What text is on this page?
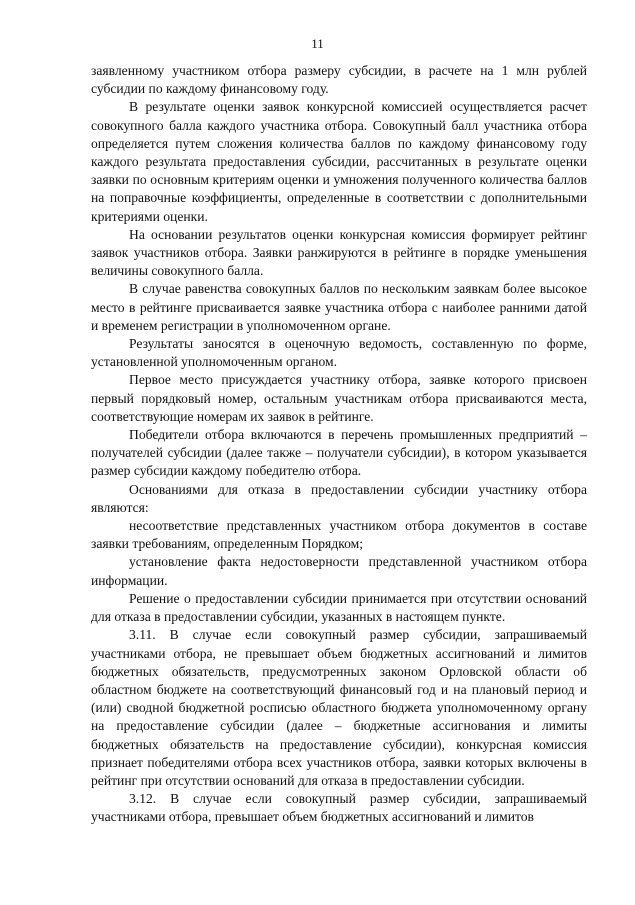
11

заявленному участником отбора размеру субсидии, в расчете на 1 млн рублей субсидии по каждому финансовому году.

В результате оценки заявок конкурсной комиссией осуществляется расчет совокупного балла каждого участника отбора. Совокупный балл участника отбора определяется путем сложения количества баллов по каждому финансовому году каждого результата предоставления субсидии, рассчитанных в результате оценки заявки по основным критериям оценки и умножения полученного количества баллов на поправочные коэффициенты, определенные в соответствии с дополнительными критериями оценки.

На основании результатов оценки конкурсная комиссия формирует рейтинг заявок участников отбора. Заявки ранжируются в рейтинге в порядке уменьшения величины совокупного балла.

В случае равенства совокупных баллов по нескольким заявкам более высокое место в рейтинге присваивается заявке участника отбора с наиболее ранними датой и временем регистрации в уполномоченном органе.

Результаты заносятся в оценочную ведомость, составленную по форме, установленной уполномоченным органом.

Первое место присуждается участнику отбора, заявке которого присвоен первый порядковый номер, остальным участникам отбора присваиваются места, соответствующие номерам их заявок в рейтинге.

Победители отбора включаются в перечень промышленных предприятий – получателей субсидии (далее также – получатели субсидии), в котором указывается размер субсидии каждому победителю отбора.

Основаниями для отказа в предоставлении субсидии участнику отбора являются:

несоответствие представленных участником отбора документов в составе заявки требованиям, определенным Порядком;

установление факта недостоверности представленной участником отбора информации.

Решение о предоставлении субсидии принимается при отсутствии оснований для отказа в предоставлении субсидии, указанных в настоящем пункте.

3.11. В случае если совокупный размер субсидии, запрашиваемый участниками отбора, не превышает объем бюджетных ассигнований и лимитов бюджетных обязательств, предусмотренных законом Орловской области об областном бюджете на соответствующий финансовый год и на плановый период и (или) сводной бюджетной росписью областного бюджета уполномоченному органу на предоставление субсидии (далее – бюджетные ассигнования и лимиты бюджетных обязательств на предоставление субсидии), конкурсная комиссия признает победителями отбора всех участников отбора, заявки которых включены в рейтинг при отсутствии оснований для отказа в предоставлении субсидии.

3.12. В случае если совокупный размер субсидии, запрашиваемый участниками отбора, превышает объем бюджетных ассигнований и лимитов
